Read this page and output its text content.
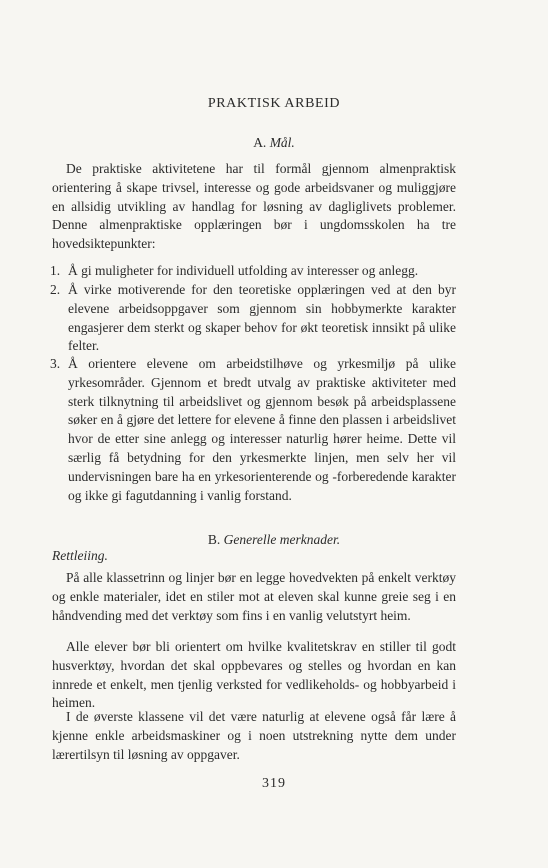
PRAKTISK ARBEID
A. Mål.
De praktiske aktivitetene har til formål gjennom almenpraktisk orientering å skape trivsel, interesse og gode arbeidsvaner og muliggjøre en allsidig utvikling av handlag for løsning av dagliglivets problemer. Denne almenpraktiske opplæringen bør i ungdomsskolen ha tre hovedsiktepunkter:
1. Å gi muligheter for individuell utfolding av interesser og anlegg.
2. Å virke motiverende for den teoretiske opplæringen ved at den byr elevene arbeidsoppgaver som gjennom sin hobbymerkte karakter engasjerer dem sterkt og skaper behov for økt teoretisk innsikt på ulike felter.
3. Å orientere elevene om arbeidstilhøve og yrkesmiljø på ulike yrkesområder. Gjennom et bredt utvalg av praktiske aktiviteter med sterk tilknytning til arbeidslivet og gjennom besøk på arbeidsplassene søker en å gjøre det lettere for elevene å finne den plassen i arbeidslivet hvor de etter sine anlegg og interesser naturlig hører heime. Dette vil særlig få betydning for den yrkesmerkte linjen, men selv her vil undervisningen bare ha en yrkesorienterende og -forberedende karakter og ikke gi fagutdanning i vanlig forstand.
B. Generelle merknader.
Rettleiing.
På alle klassetrinn og linjer bør en legge hovedvekten på enkelt verktøy og enkle materialer, idet en stiler mot at eleven skal kunne greie seg i en håndvending med det verktøy som fins i en vanlig velutstyrt heim.
Alle elever bør bli orientert om hvilke kvalitetskrav en stiller til godt husverktøy, hvordan det skal oppbevares og stelles og hvordan en kan innrede et enkelt, men tjenlig verksted for vedlikeholds- og hobbyarbeid i heimen.
I de øverste klassene vil det være naturlig at elevene også får lære å kjenne enkle arbeidsmaskiner og i noen utstrekning nytte dem under lærertilsyn til løsning av oppgaver.
319
